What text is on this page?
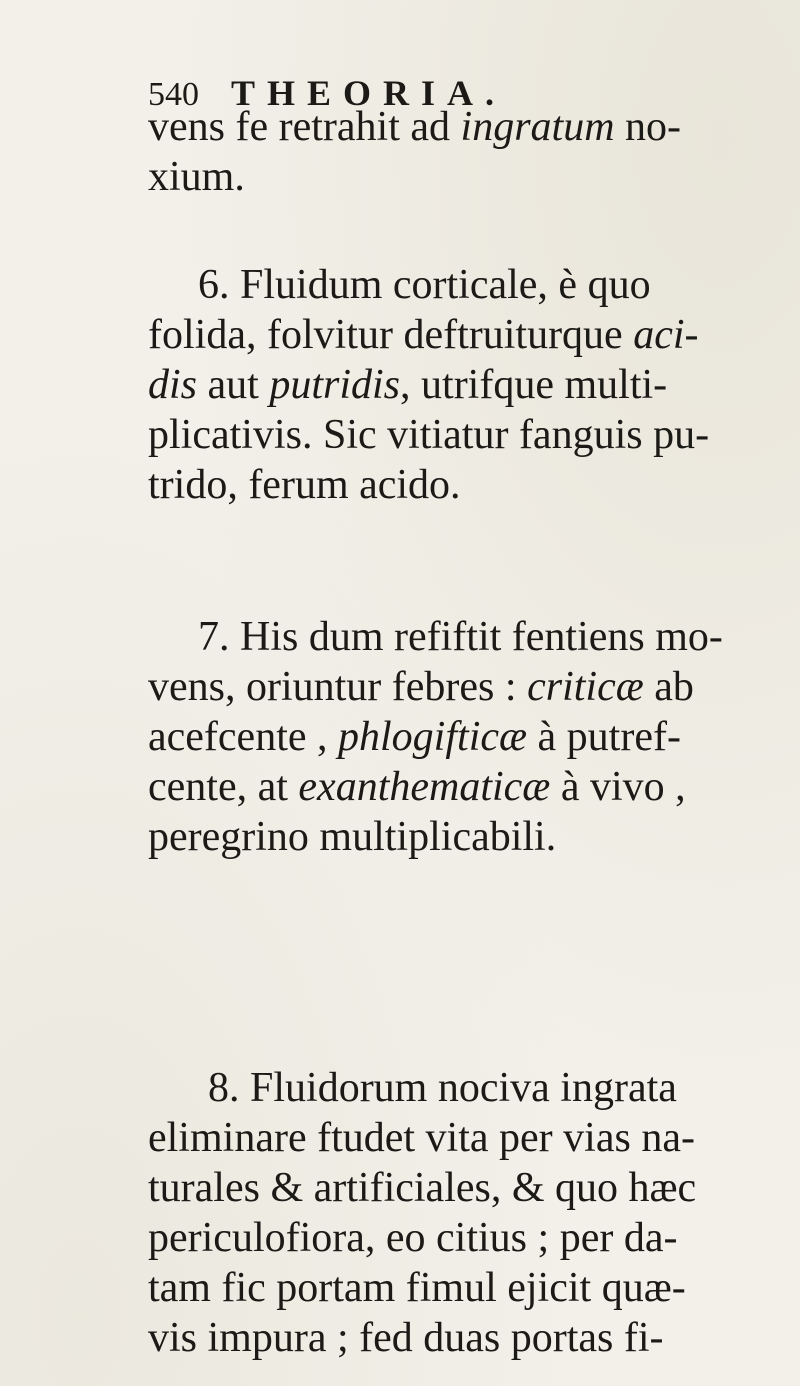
540 THEORIA.
vens fe retrahit ad ingratum no-
xium.
6. Fluidum corticale, è quo
folida, folvitur deftruiturque aci-
dis aut putridis, utrifque multi-
plicativis. Sic vitiatur fanguis pu-
trido, ferum acido.
7. His dum refiftit fentiens mo-
vens, oriuntur febres : criticæ ab
acefcente , phlogifticæ à putref-
cente, at exanthematicæ à vivo ,
peregrino multiplicabili.
8. Fluidorum nociva ingrata
eliminare ftudet vita per vias na-
turales & artificiales, & quo hæc
periculofiora, eo citius ; per da-
tam fic portam fimul ejicit quæ-
vis impura ; fed duas portas fi-
